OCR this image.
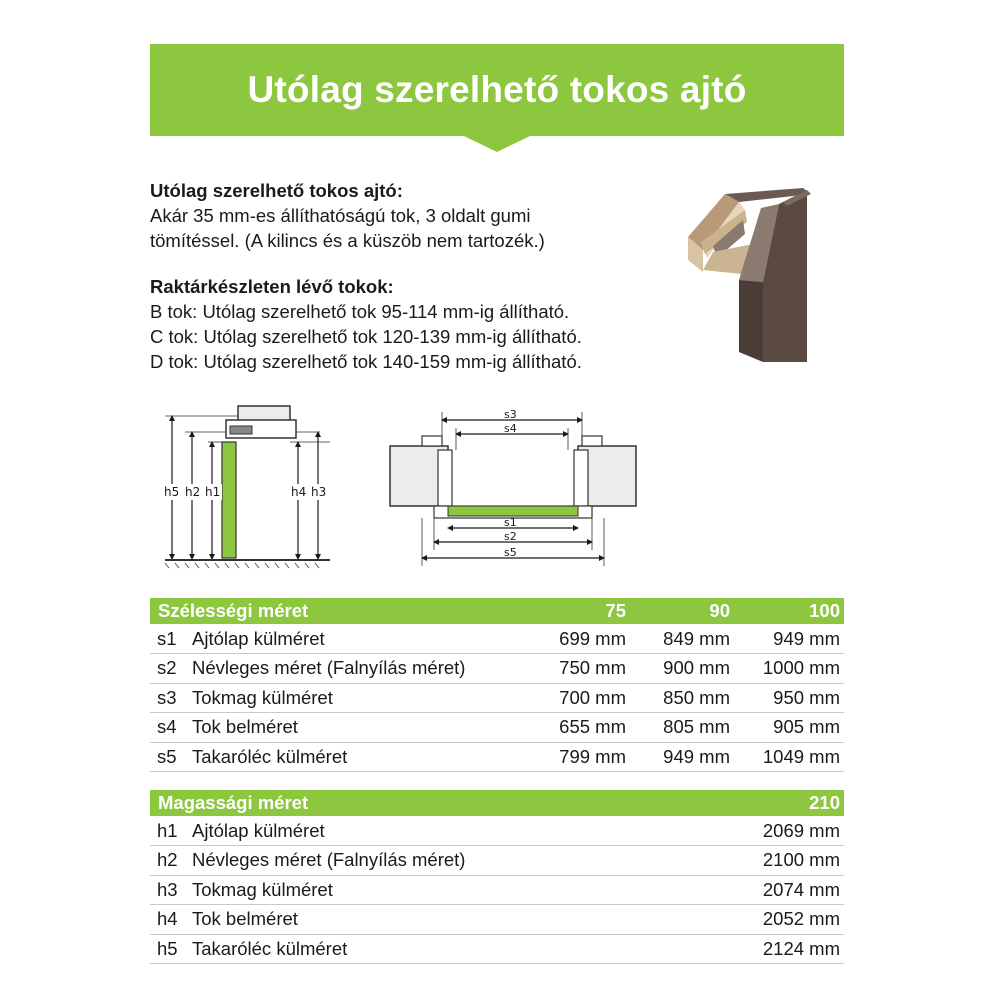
Utólag szerelhető tokos ajtó
Utólag szerelhető tokos ajtó:
Akár 35 mm-es állíthatóságú tok, 3 oldalt gumi
tömítéssel. (A kilincs és a küszöb nem tartozék.)
Raktárkészleten lévő tokok:
B tok: Utólag szerelhető tok 95-114 mm-ig állítható.
C tok: Utólag szerelhető tok 120-139 mm-ig állítható.
D tok: Utólag szerelhető tok 140-159 mm-ig állítható.
h5 h2 h1	h4 h3
s3
s4
s1
s2
s5
Szélességi méret		75	90	100
s1	Ajtólap külméret	699 mm	849 mm	949 mm
s2	Névleges méret (Falnyílás méret)	750 mm	900 mm	1000 mm
s3	Tokmag külméret	700 mm	850 mm	950 mm
s4	Tok belméret	655 mm	805 mm	905 mm
s5	Takaróléc külméret	799 mm	949 mm	1049 mm
Magassági méret		210
h1	Ajtólap külméret	2069 mm
h2	Névleges méret (Falnyílás méret)	2100 mm
h3	Tokmag külméret	2074 mm
h4	Tok belméret	2052 mm
h5	Takaróléc külméret	2124 mm
